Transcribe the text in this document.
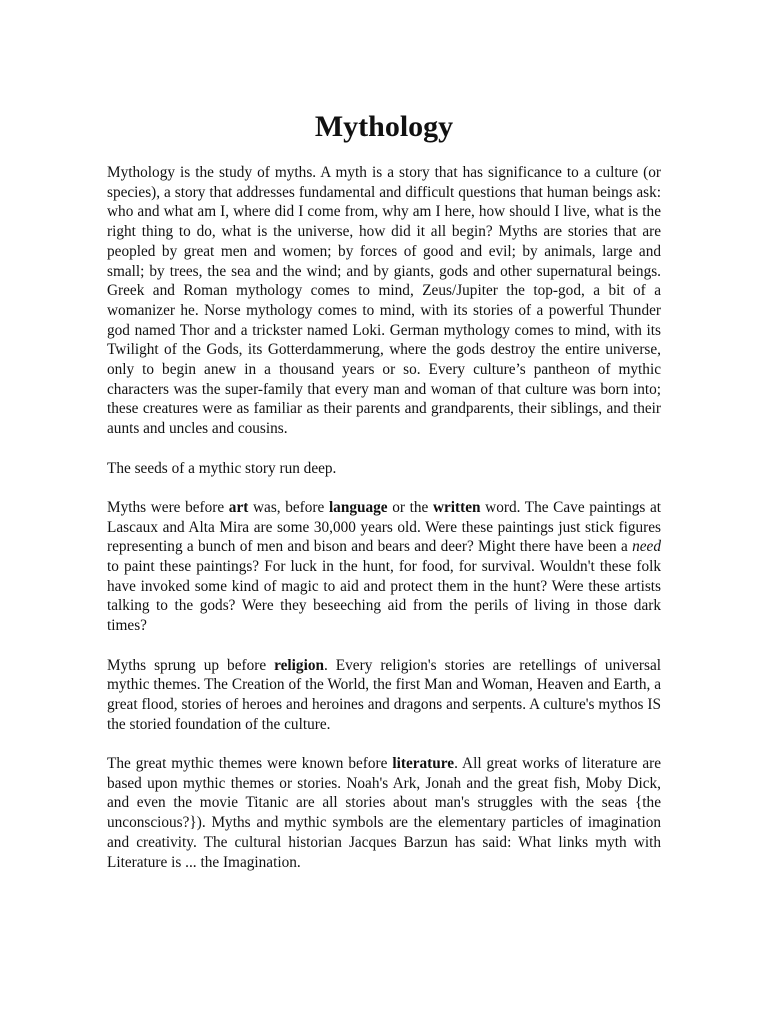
Mythology

Mythology is the study of myths. A myth is a story that has significance to a culture (or species), a story that addresses fundamental and difficult questions that human beings ask: who and what am I, where did I come from, why am I here, how should I live, what is the right thing to do, what is the universe, how did it all begin? Myths are stories that are peopled by great men and women; by forces of good and evil; by animals, large and small; by trees, the sea and the wind; and by giants, gods and other supernatural beings. Greek and Roman mythology comes to mind, Zeus/Jupiter the top-god, a bit of a womanizer he. Norse mythology comes to mind, with its stories of a powerful Thunder god named Thor and a trickster named Loki. German mythology comes to mind, with its Twilight of the Gods, its Gotterdammerung, where the gods destroy the entire universe, only to begin anew in a thousand years or so. Every culture’s pantheon of mythic characters was the super-family that every man and woman of that culture was born into; these creatures were as familiar as their parents and grandparents, their siblings, and their aunts and uncles and cousins.

The seeds of a mythic story run deep.

Myths were before art was, before language or the written word. The Cave paintings at Lascaux and Alta Mira are some 30,000 years old. Were these paintings just stick figures representing a bunch of men and bison and bears and deer? Might there have been a need to paint these paintings? For luck in the hunt, for food, for survival. Wouldn't these folk have invoked some kind of magic to aid and protect them in the hunt? Were these artists talking to the gods? Were they beseeching aid from the perils of living in those dark times?

Myths sprung up before religion. Every religion's stories are retellings of universal mythic themes. The Creation of the World, the first Man and Woman, Heaven and Earth, a great flood, stories of heroes and heroines and dragons and serpents. A culture's mythos IS the storied foundation of the culture.

The great mythic themes were known before literature. All great works of literature are based upon mythic themes or stories. Noah's Ark, Jonah and the great fish, Moby Dick, and even the movie Titanic are all stories about man's struggles with the seas {the unconscious?}). Myths and mythic symbols are the elementary particles of imagination and creativity. The cultural historian Jacques Barzun has said: What links myth with Literature is ... the Imagination.
